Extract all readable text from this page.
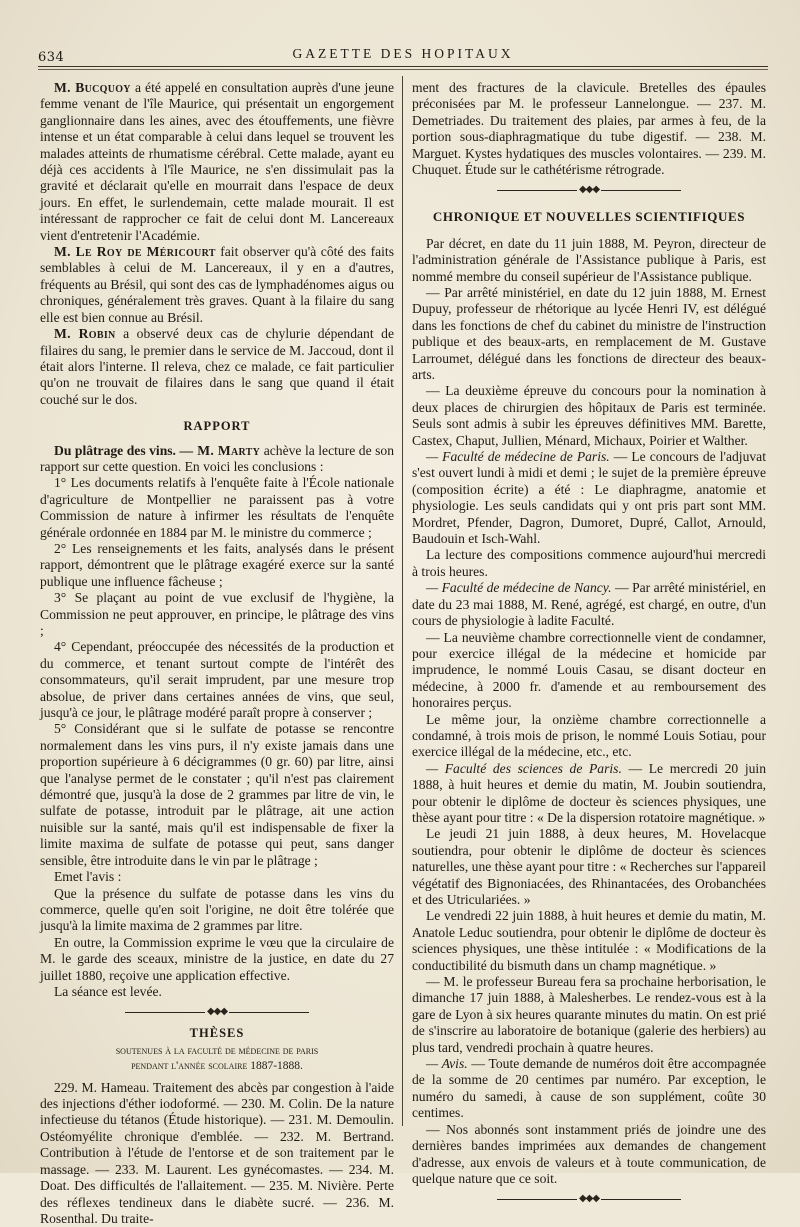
634	GAZETTE DES HOPITAUX

M. Bucquoy a été appelé en consultation auprès d'une jeune femme venant de l'île Maurice, qui présentait un engorgement ganglionnaire dans les aines, avec des étouffements, une fièvre intense et un état comparable à celui dans lequel se trouvent les malades atteints de rhumatisme cérébral. Cette malade, ayant eu déjà ces accidents à l'île Maurice, ne s'en dissimulait pas la gravité et déclarait qu'elle en mourrait dans l'espace de deux jours. En effet, le surlendemain, cette malade mourait. Il est intéressant de rapprocher ce fait de celui dont M. Lancereaux vient d'entretenir l'Académie.

M. Le Roy de Méricourt fait observer qu'à côté des faits semblables à celui de M. Lancereaux, il y en a d'autres, fréquents au Brésil, qui sont des cas de lymphadénomes aigus ou chroniques, généralement très graves. Quant à la filaire du sang elle est bien connue au Brésil.

M. Robin a observé deux cas de chylurie dépendant de filaires du sang, le premier dans le service de M. Jaccoud, dont il était alors l'interne. Il releva, chez ce malade, ce fait particulier qu'on ne trouvait de filaires dans le sang que quand il était couché sur le dos.

RAPPORT

Du plâtrage des vins. — M. Marty achève la lecture de son rapport sur cette question. En voici les conclusions :

1° Les documents relatifs à l'enquête faite à l'École nationale d'agriculture de Montpellier ne paraissent pas à votre Commission de nature à infirmer les résultats de l'enquête générale ordonnée en 1884 par M. le ministre du commerce ;

2° Les renseignements et les faits, analysés dans le présent rapport, démontrent que le plâtrage exagéré exerce sur la santé publique une influence fâcheuse ;

3° Se plaçant au point de vue exclusif de l'hygiène, la Commission ne peut approuver, en principe, le plâtrage des vins ;

4° Cependant, préoccupée des nécessités de la production et du commerce, et tenant surtout compte de l'intérêt des consommateurs, qu'il serait imprudent, par une mesure trop absolue, de priver dans certaines années de vins, que seul, jusqu'à ce jour, le plâtrage modéré paraît propre à conserver ;

5° Considérant que si le sulfate de potasse se rencontre normalement dans les vins purs, il n'y existe jamais dans une proportion supérieure à 6 décigrammes (0 gr. 60) par litre, ainsi que l'analyse permet de le constater ; qu'il n'est pas clairement démontré que, jusqu'à la dose de 2 grammes par litre de vin, le sulfate de potasse, introduit par le plâtrage, ait une action nuisible sur la santé, mais qu'il est indispensable de fixer la limite maxima de sulfate de potasse qui peut, sans danger sensible, être introduite dans le vin par le plâtrage ;

Emet l'avis :

Que la présence du sulfate de potasse dans les vins du commerce, quelle qu'en soit l'origine, ne doit être tolérée que jusqu'à la limite maxima de 2 grammes par litre.

En outre, la Commission exprime le vœu que la circulaire de M. le garde des sceaux, ministre de la justice, en date du 27 juillet 1880, reçoive une application effective.

La séance est levée.

◆◆◆
THÈSES
soutenues à la faculté de médecine de paris
pendant l'année scolaire 1887-1888.

229. M. Hameau. Traitement des abcès par congestion à l'aide des injections d'éther iodoformé. — 230. M. Colin. De la nature infectieuse du tétanos (Étude historique). — 231. M. Demoulin. Ostéomyélite chronique d'emblée. — 232. M. Bertrand. Contribution à l'étude de l'entorse et de son traitement par le massage. — 233. M. Laurent. Les gynécomastes. — 234. M. Doat. Des difficultés de l'allaitement. — 235. M. Nivière. Perte des réflexes tendineux dans le diabète sucré. — 236. M. Rosenthal. Du traite-

ment des fractures de la clavicule. Bretelles des épaules préconisées par M. le professeur Lannelongue. — 237. M. Demetriades. Du traitement des plaies, par armes à feu, de la portion sous-diaphragmatique du tube digestif. — 238. M. Marguet. Kystes hydatiques des muscles volontaires. — 239. M. Chuquet. Étude sur le cathétérisme rétrograde.

◆◆◆
CHRONIQUE ET NOUVELLES SCIENTIFIQUES

Par décret, en date du 11 juin 1888, M. Peyron, directeur de l'administration générale de l'Assistance publique à Paris, est nommé membre du conseil supérieur de l'Assistance publique.

— Par arrêté ministériel, en date du 12 juin 1888, M. Ernest Dupuy, professeur de rhétorique au lycée Henri IV, est délégué dans les fonctions de chef du cabinet du ministre de l'instruction publique et des beaux-arts, en remplacement de M. Gustave Larroumet, délégué dans les fonctions de directeur des beaux-arts.

— La deuxième épreuve du concours pour la nomination à deux places de chirurgien des hôpitaux de Paris est terminée. Seuls sont admis à subir les épreuves définitives MM. Barette, Castex, Chaput, Jullien, Ménard, Michaux, Poirier et Walther.

— Faculté de médecine de Paris. — Le concours de l'adjuvat s'est ouvert lundi à midi et demi ; le sujet de la première épreuve (composition écrite) a été : Le diaphragme, anatomie et physiologie. Les seuls candidats qui y ont pris part sont MM. Mordret, Pfender, Dagron, Dumoret, Dupré, Callot, Arnould, Baudouin et Isch-Wahl.

La lecture des compositions commence aujourd'hui mercredi à trois heures.

— Faculté de médecine de Nancy. — Par arrêté ministériel, en date du 23 mai 1888, M. René, agrégé, est chargé, en outre, d'un cours de physiologie à ladite Faculté.

— La neuvième chambre correctionnelle vient de condamner, pour exercice illégal de la médecine et homicide par imprudence, le nommé Louis Casau, se disant docteur en médecine, à 2000 fr. d'amende et au remboursement des honoraires perçus.

Le même jour, la onzième chambre correctionnelle a condamné, à trois mois de prison, le nommé Louis Sotiau, pour exercice illégal de la médecine, etc., etc.

— Faculté des sciences de Paris. — Le mercredi 20 juin 1888, à huit heures et demie du matin, M. Joubin soutiendra, pour obtenir le diplôme de docteur ès sciences physiques, une thèse ayant pour titre : « De la dispersion rotatoire magnétique. »

Le jeudi 21 juin 1888, à deux heures, M. Hovelacque soutiendra, pour obtenir le diplôme de docteur ès sciences naturelles, une thèse ayant pour titre : « Recherches sur l'appareil végétatif des Bignoniacées, des Rhinantacées, des Orobanchées et des Utriculariées. »

Le vendredi 22 juin 1888, à huit heures et demie du matin, M. Anatole Leduc soutiendra, pour obtenir le diplôme de docteur ès sciences physiques, une thèse intitulée : « Modifications de la conductibilité du bismuth dans un champ magnétique. »

— M. le professeur Bureau fera sa prochaine herborisation, le dimanche 17 juin 1888, à Malesherbes. Le rendez-vous est à la gare de Lyon à six heures quarante minutes du matin. On est prié de s'inscrire au laboratoire de botanique (galerie des herbiers) au plus tard, vendredi prochain à quatre heures.

— Avis. — Toute demande de numéros doit être accompagnée de la somme de 20 centimes par numéro. Par exception, le numéro du samedi, à cause de son supplément, coûte 30 centimes.

— Nos abonnés sont instamment priés de joindre une des dernières bandes imprimées aux demandes de changement d'adresse, aux envois de valeurs et à toute communication, de quelque nature que ce soit.

◆◆◆
